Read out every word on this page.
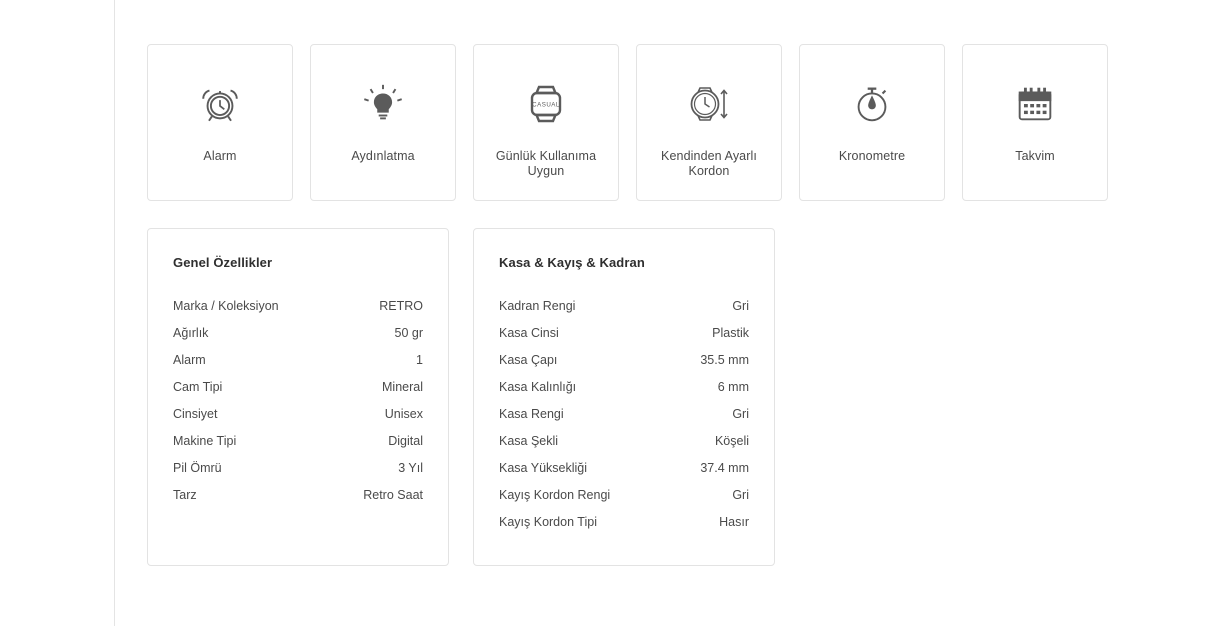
Alarm	Aydınlatma
CASUAL
Günlük Kullanıma Uygun
Kendinden Ayarlı Kordon
Kronometre	Takvim
Genel Özellikler
Marka / Koleksiyon	RETRO
Ağırlık	50 gr
Alarm	1
Cam Tipi	Mineral
Cinsiyet	Unisex
Makine Tipi	Digital
Pil Ömrü	3 Yıl
Tarz	Retro Saat
Kasa & Kayış & Kadran
Kadran Rengi	Gri
Kasa Cinsi	Plastik
Kasa Çapı	35.5 mm
Kasa Kalınlığı	6 mm
Kasa Rengi	Gri
Kasa Şekli	Köşeli
Kasa Yüksekliği	37.4 mm
Kayış Kordon Rengi	Gri
Kayış Kordon Tipi	Hasır
